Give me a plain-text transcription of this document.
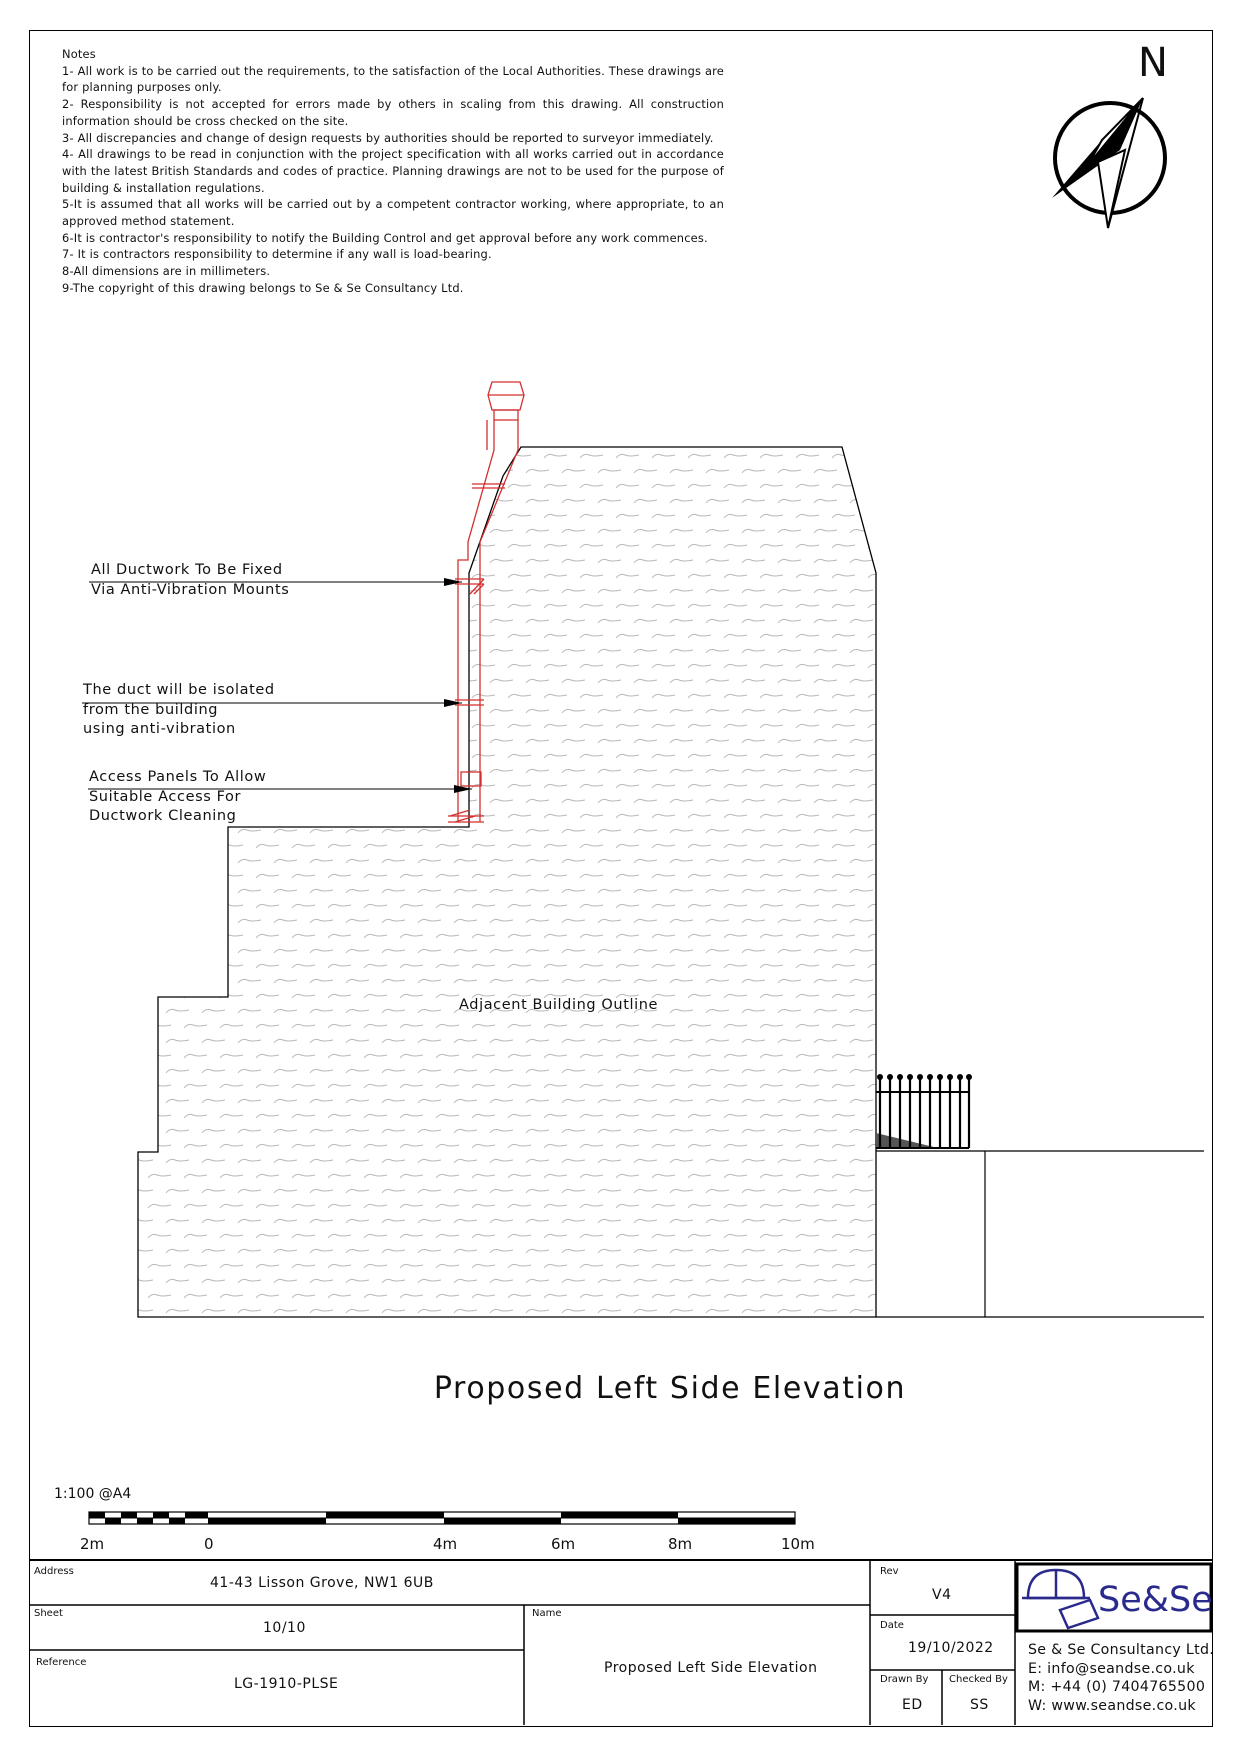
Notes
1- All work is to be carried out the requirements, to the satisfaction of the Local Authorities. These drawings are for planning purposes only.
2- Responsibility is not accepted for errors made by others in scaling from this drawing. All construction information should be cross checked on the site.
3- All discrepancies and change of design requests by authorities should be reported to surveyor immediately.
4- All drawings to be read in conjunction with the project specification with all works carried out in accordance with the latest British Standards and codes of practice. Planning drawings are not to be used for the purpose of building & installation regulations.
5-It is assumed that all works will be carried out by a competent contractor working, where appropriate, to an approved method statement.
6-It is contractor's responsibility to notify the Building Control and get approval before any work commences.
7- It is contractors responsibility to determine if any wall is load-bearing.
8-All dimensions are in millimeters.
9-The copyright of this drawing belongs to Se & Se Consultancy Ltd.
All Ductwork To Be Fixed
Via Anti-Vibration Mounts
The duct will be isolated
from the building
using anti-vibration
Access Panels To Allow
Suitable Access For
Ductwork Cleaning
Adjacent Building Outline
N
Proposed Left Side Elevation
1:100 @A4
2m	0	4m	6m	8m	10m
Address
41-43 Lisson Grove, NW1 6UB
Sheet
10/10
Reference
LG-1910-PLSE
Name
Proposed Left Side Elevation
Rev
V4
Date
19/10/2022
Drawn By
ED
Checked By
SS
Se&Se
Se & Se Consultancy Ltd.
E: info@seandse.co.uk
M: +44 (0) 7404765500
W: www.seandse.co.uk
